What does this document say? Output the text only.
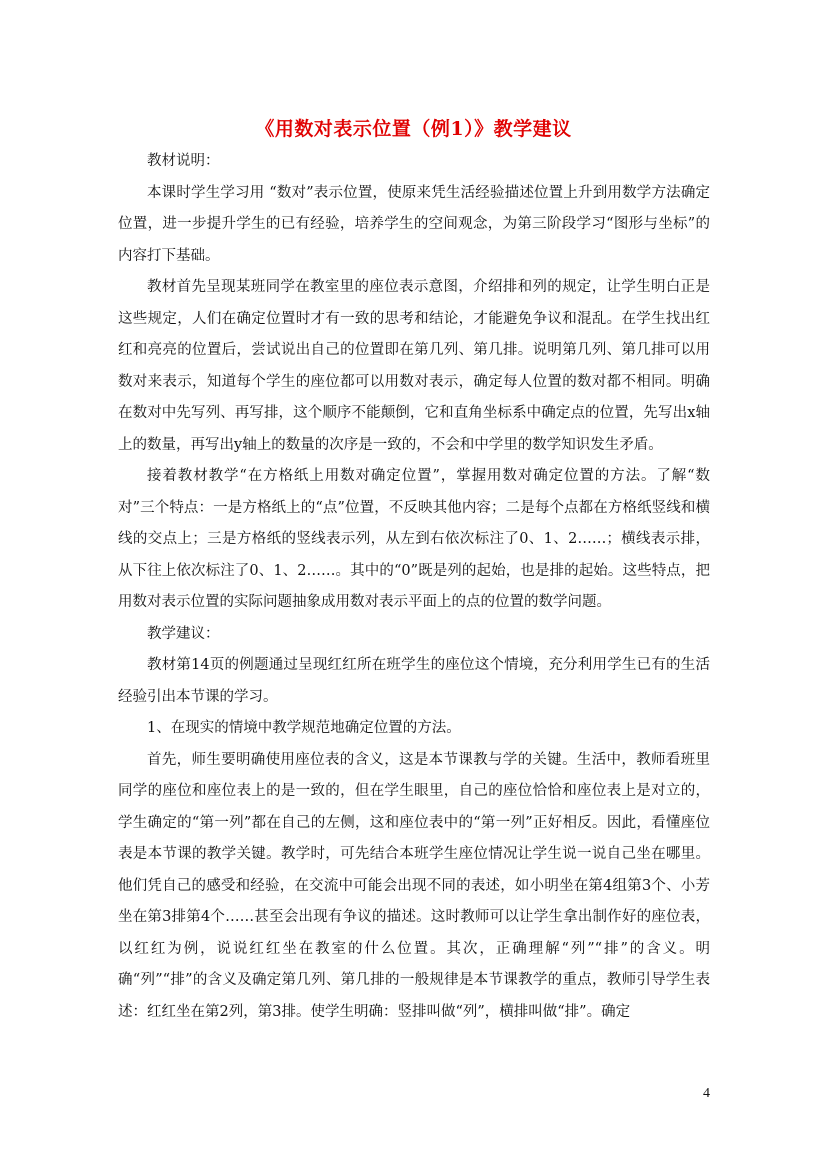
《用数对表示位置（例1）》教学建议

教材说明：

本课时学生学习用 “数对”表示位置，使原来凭生活经验描述位置上升到用数学方法确定位置，进一步提升学生的已有经验，培养学生的空间观念，为第三阶段学习“图形与坐标”的内容打下基础。

教材首先呈现某班同学在教室里的座位表示意图，介绍排和列的规定，让学生明白正是这些规定，人们在确定位置时才有一致的思考和结论，才能避免争议和混乱。在学生找出红红和亮亮的位置后，尝试说出自己的位置即在第几列、第几排。说明第几列、第几排可以用数对来表示，知道每个学生的座位都可以用数对表示，确定每人位置的数对都不相同。明确在数对中先写列、再写排，这个顺序不能颠倒，它和直角坐标系中确定点的位置，先写出x轴上的数量，再写出y轴上的数量的次序是一致的，不会和中学里的数学知识发生矛盾。

接着教材教学“在方格纸上用数对确定位置”，掌握用数对确定位置的方法。了解“数对”三个特点：一是方格纸上的“点”位置，不反映其他内容；二是每个点都在方格纸竖线和横线的交点上；三是方格纸的竖线表示列，从左到右依次标注了0、1、2……；横线表示排，从下往上依次标注了0、1、2……。其中的“0”既是列的起始，也是排的起始。这些特点，把用数对表示位置的实际问题抽象成用数对表示平面上的点的位置的数学问题。

教学建议：

教材第14页的例题通过呈现红红所在班学生的座位这个情境，充分利用学生已有的生活经验引出本节课的学习。

1、在现实的情境中教学规范地确定位置的方法。

首先，师生要明确使用座位表的含义，这是本节课教与学的关键。生活中，教师看班里同学的座位和座位表上的是一致的，但在学生眼里，自己的座位恰恰和座位表上是对立的，学生确定的“第一列”都在自己的左侧，这和座位表中的“第一列”正好相反。因此，看懂座位表是本节课的教学关键。教学时，可先结合本班学生座位情况让学生说一说自己坐在哪里。他们凭自己的感受和经验，在交流中可能会出现不同的表述，如小明坐在第4组第3个、小芳坐在第3排第4个……甚至会出现有争议的描述。这时教师可以让学生拿出制作好的座位表，以红红为例，说说红红坐在教室的什么位置。其次，正确理解“列”“排”的含义。明确“列”“排”的含义及确定第几列、第几排的一般规律是本节课教学的重点，教师引导学生表述：红红坐在第2列，第3排。使学生明确：竖排叫做“列”，横排叫做“排”。确定

4
